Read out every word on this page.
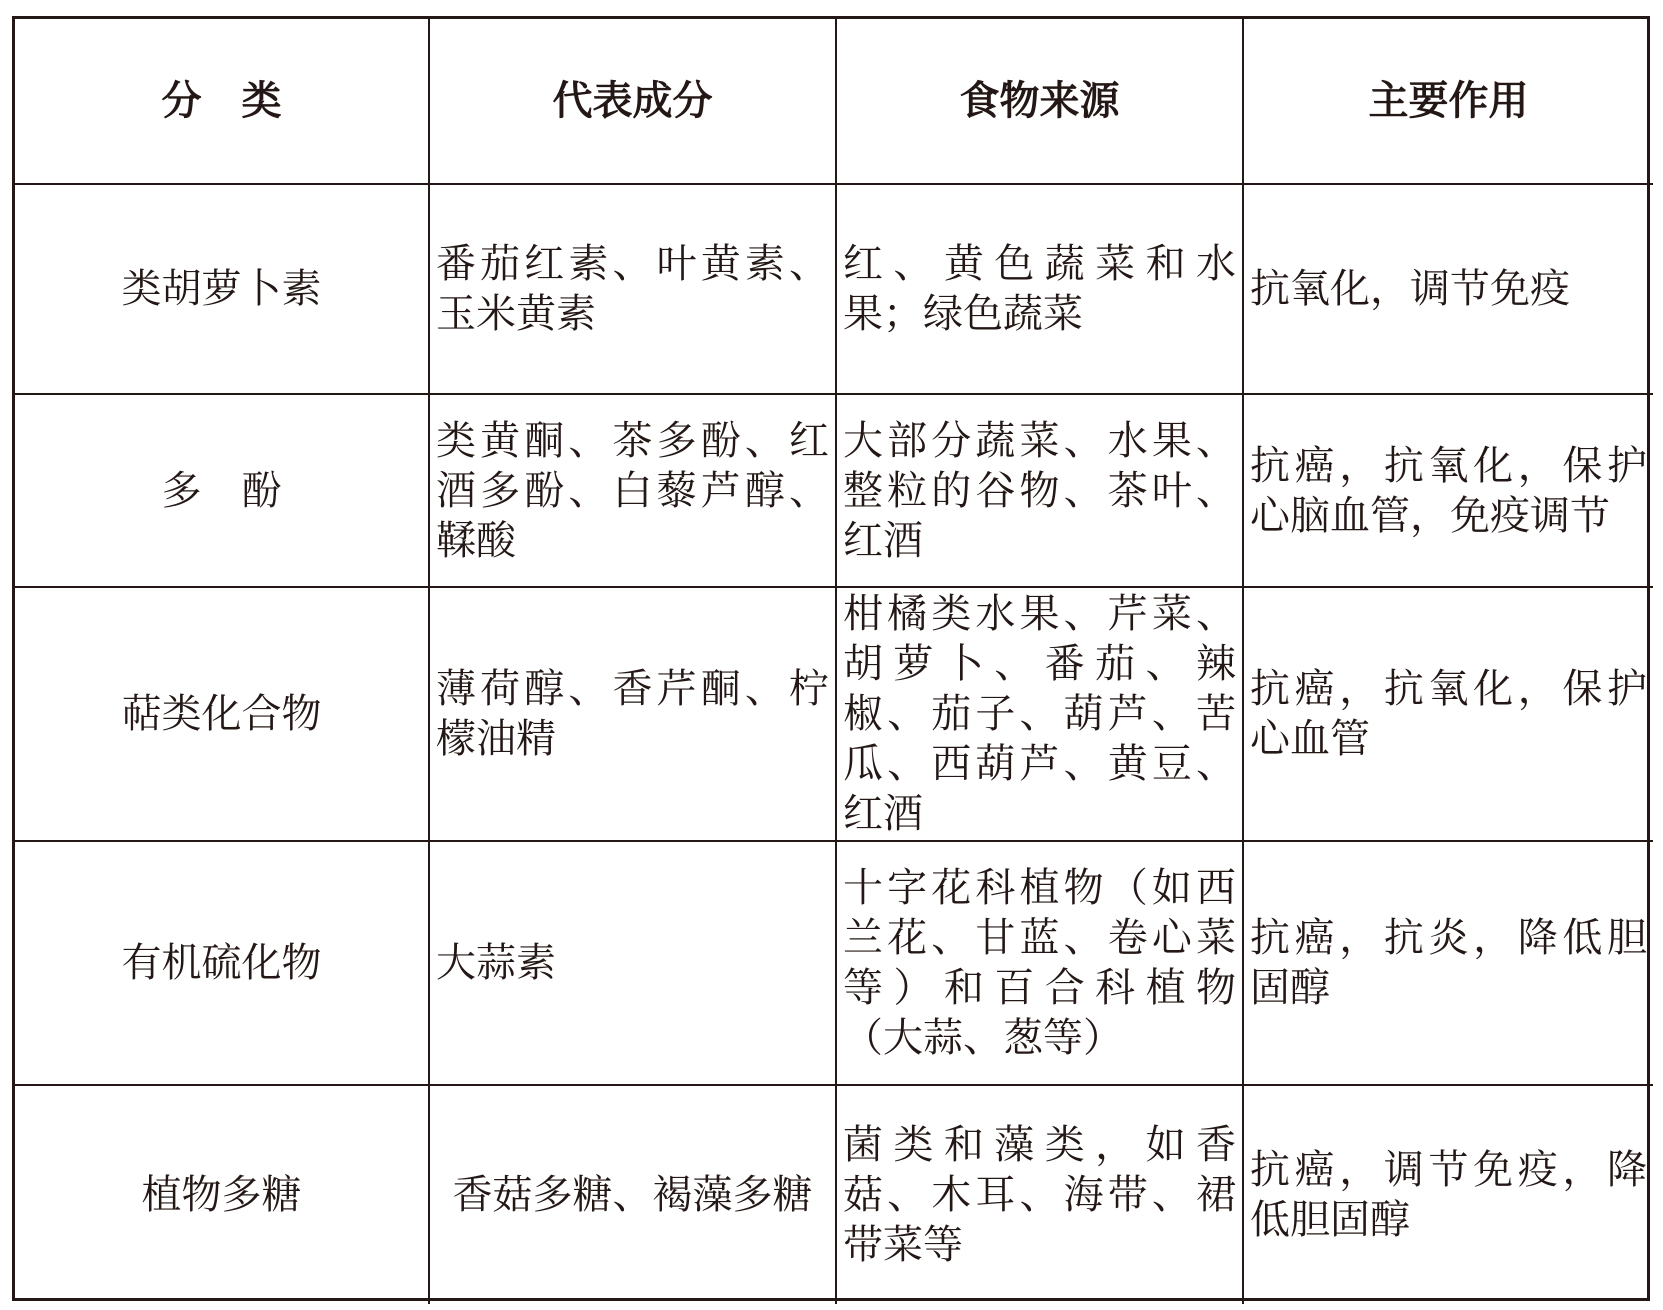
分　类	代表成分	食物来源	主要作用
类胡萝卜素	番茄红素、叶黄素、玉米黄素	红、黄色蔬菜和水果；绿色蔬菜	抗氧化，调节免疫
多　酚	类黄酮、茶多酚、红酒多酚、白藜芦醇、鞣酸	大部分蔬菜、水果、整粒的谷物、茶叶、红酒	抗癌，抗氧化，保护心脑血管，免疫调节
萜类化合物	薄荷醇、香芹酮、柠檬油精	柑橘类水果、芹菜、胡萝卜、番茄、辣椒、茄子、葫芦、苦瓜、西葫芦、黄豆、红酒	抗癌，抗氧化，保护心血管
有机硫化物	大蒜素	十字花科植物（如西兰花、甘蓝、卷心菜等）和百合科植物（大蒜、葱等）	抗癌，抗炎，降低胆固醇
植物多糖	香菇多糖、褐藻多糖	菌类和藻类，如香菇、木耳、海带、裙带菜等	抗癌，调节免疫，降低胆固醇
